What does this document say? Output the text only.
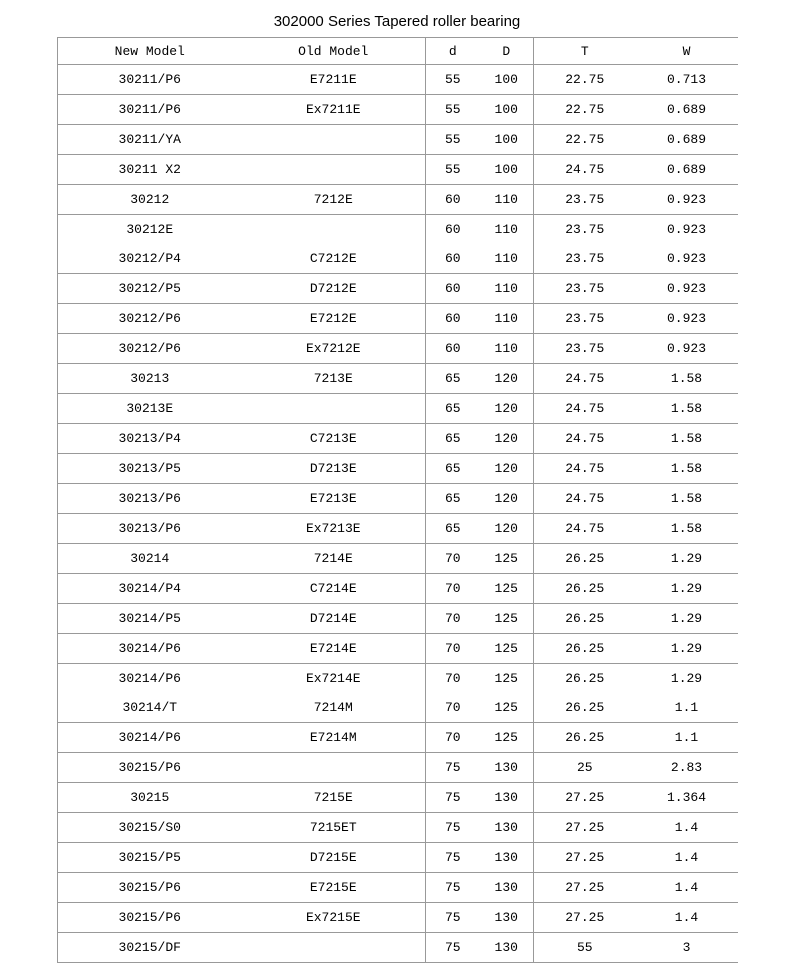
302000 Series Tapered roller bearing
New Model	Old Model	d	D	T	W
30211/P6	E7211E	55	100	22.75	0.713
30211/P6	Ex7211E	55	100	22.75	0.689
30211/YA		55	100	22.75	0.689
30211 X2		55	100	24.75	0.689
30212	7212E	60	110	23.75	0.923
30212E		60	110	23.75	0.923
30212/P4	C7212E	60	110	23.75	0.923
30212/P5	D7212E	60	110	23.75	0.923
30212/P6	E7212E	60	110	23.75	0.923
30212/P6	Ex7212E	60	110	23.75	0.923
30213	7213E	65	120	24.75	1.58
30213E		65	120	24.75	1.58
30213/P4	C7213E	65	120	24.75	1.58
30213/P5	D7213E	65	120	24.75	1.58
30213/P6	E7213E	65	120	24.75	1.58
30213/P6	Ex7213E	65	120	24.75	1.58
30214	7214E	70	125	26.25	1.29
30214/P4	C7214E	70	125	26.25	1.29
30214/P5	D7214E	70	125	26.25	1.29
30214/P6	E7214E	70	125	26.25	1.29
30214/P6	Ex7214E	70	125	26.25	1.29
30214/T	7214M	70	125	26.25	1.1
30214/P6	E7214M	70	125	26.25	1.1
30215/P6		75	130	25	2.83
30215	7215E	75	130	27.25	1.364
30215/S0	7215ET	75	130	27.25	1.4
30215/P5	D7215E	75	130	27.25	1.4
30215/P6	E7215E	75	130	27.25	1.4
30215/P6	Ex7215E	75	130	27.25	1.4
30215/DF		75	130	55	3
